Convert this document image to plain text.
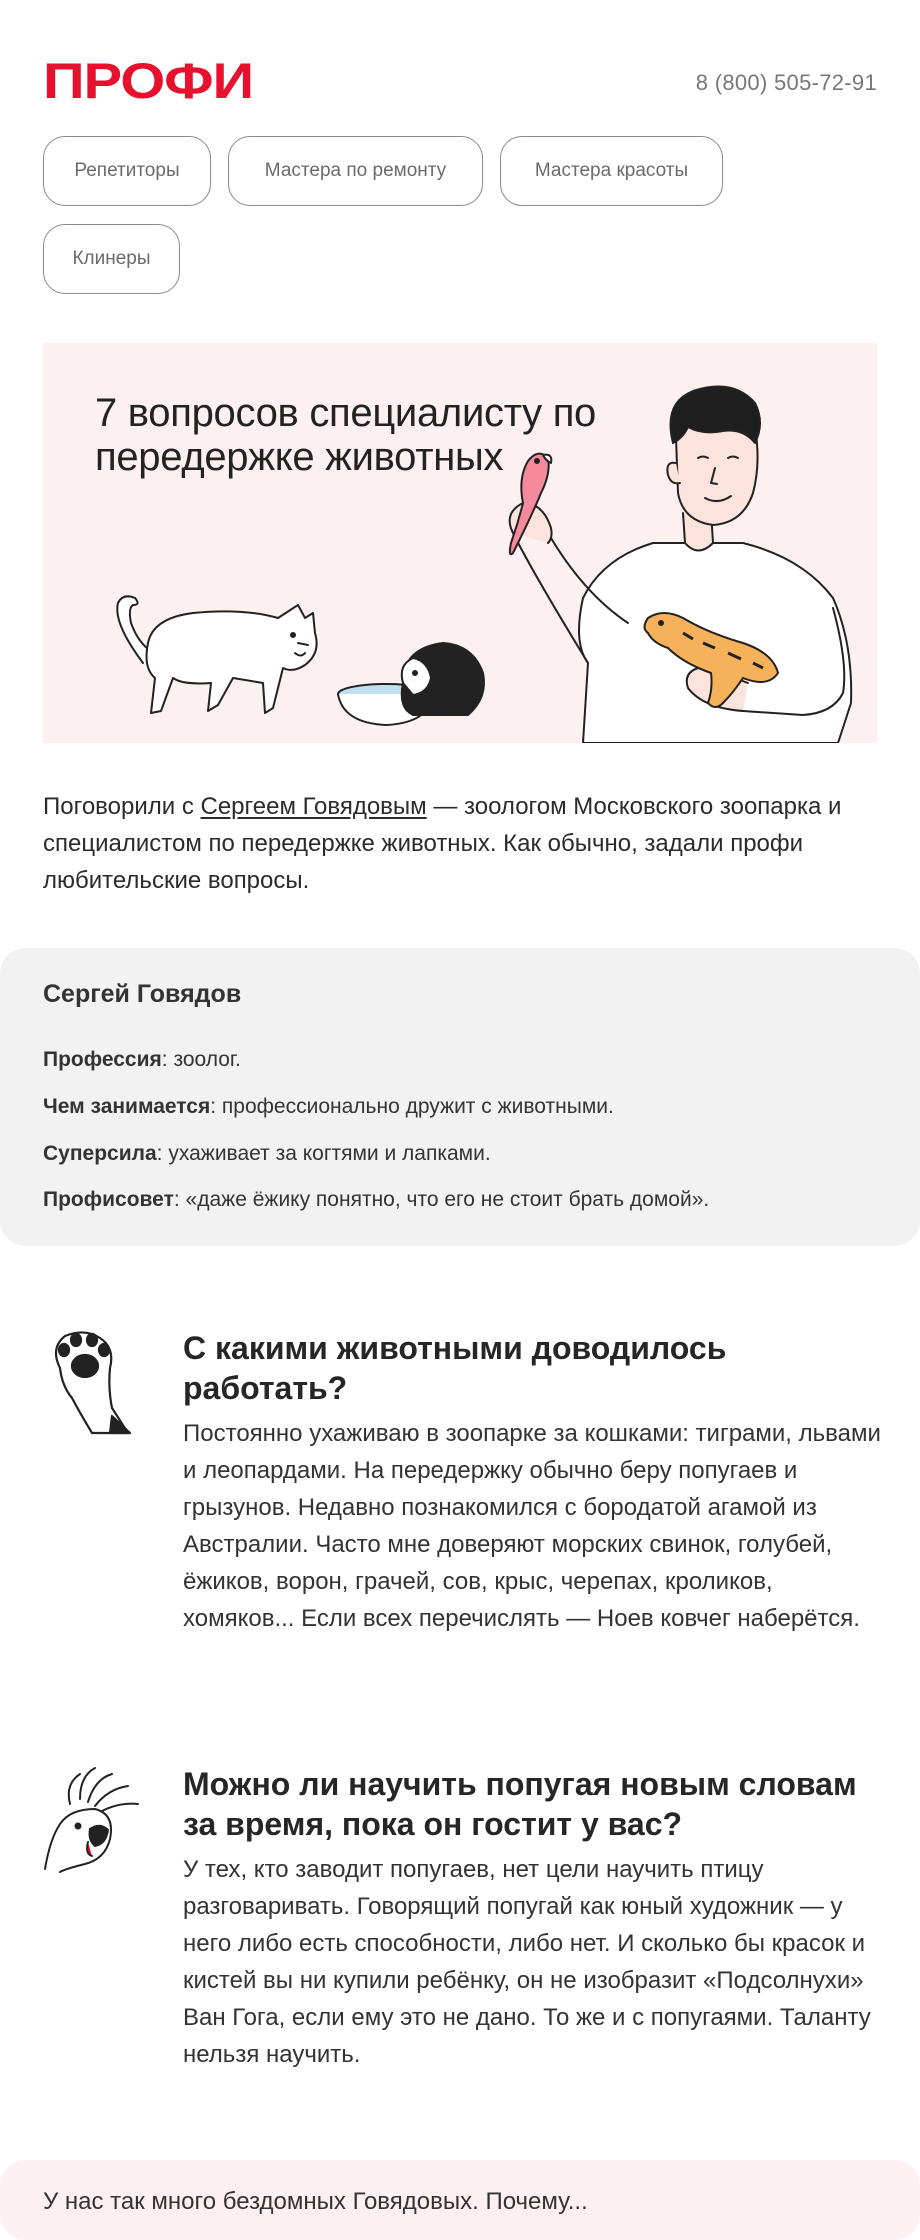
ПРОФИ	8 (800) 505-72-91
Репетиторы	Мастера по ремонту	Мастера красоты
Клинеры
7 вопросов специалисту по передержке животных
Поговорили с Сергеем Говядовым — зоологом Московского зоопарка и специалистом по передержке животных. Как обычно, задали профи любительские вопросы.
Сергей Говядов
Профессия: зоолог.
Чем занимается: профессионально дружит с животными.
Суперсила: ухаживает за когтями и лапками.
Профисовет: «даже ёжику понятно, что его не стоит брать домой».
С какими животными доводилось работать?
Постоянно ухаживаю в зоопарке за кошками: тиграми, львами и леопардами. На передержку обычно беру попугаев и грызунов. Недавно познакомился с бородатой агамой из Австралии. Часто мне доверяют морских свинок, голубей, ёжиков, ворон, грачей, сов, крыс, черепах, кроликов, хомяков... Если всех перечислять — Ноев ковчег наберётся.
Можно ли научить попугая новым словам за время, пока он гостит у вас?
У тех, кто заводит попугаев, нет цели научить птицу разговаривать. Говорящий попугай как юный художник — у него либо есть способности, либо нет. И сколько бы красок и кистей вы ни купили ребёнку, он не изобразит «Подсолнухи» Ван Гога, если ему это не дано. То же и с попугаями. Таланту нельзя научить.
У нас так много бездомных Говядовых. Почему...
